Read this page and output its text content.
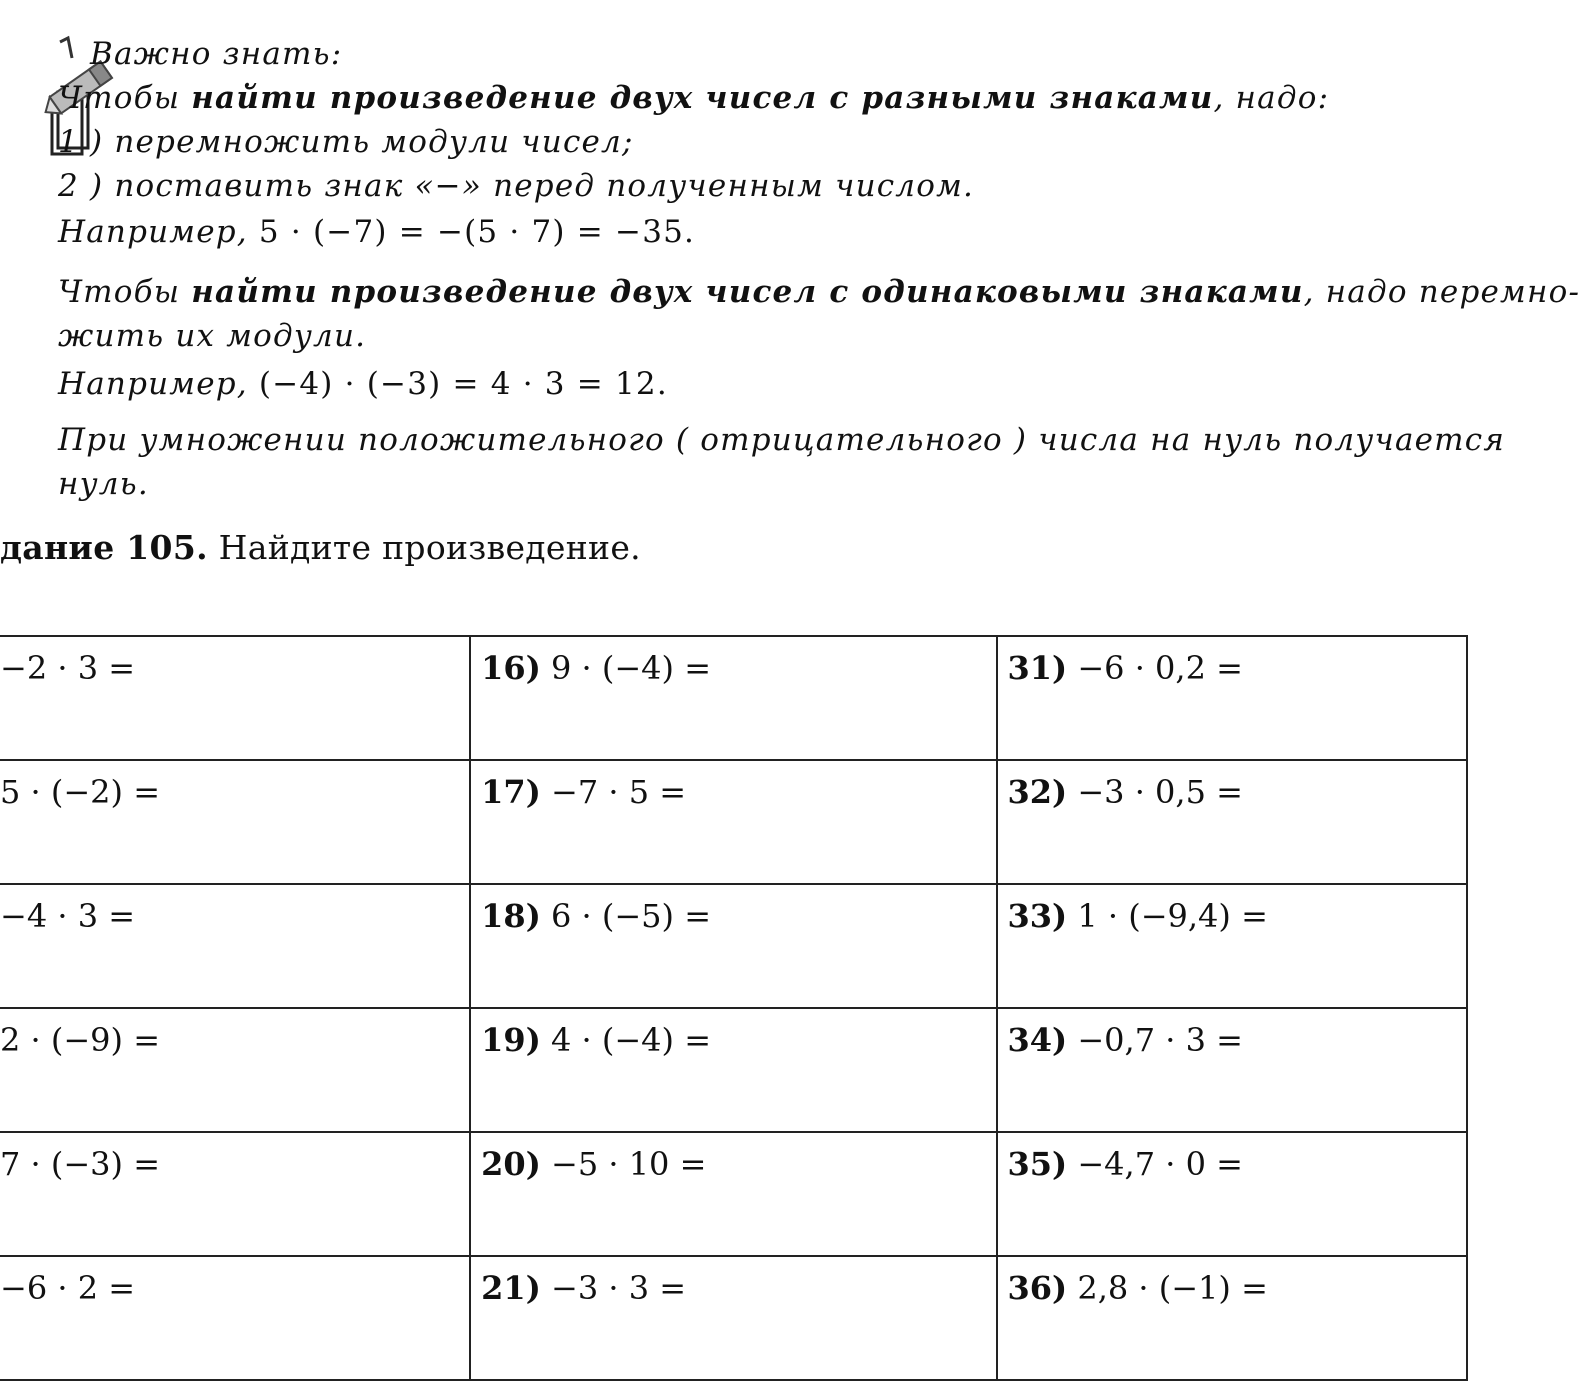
Важно знать:
Чтобы найти произведение двух чисел с разными знаками, надо:
1 ) перемножить модули чисел;
2 ) поставить знак «−» перед полученным числом.
Например, 5 · (−7) = −(5 · 7) = −35.
Чтобы найти произведение двух чисел с одинаковыми знаками, надо перемно-
жить их модули.
Например, (−4) · (−3) = 4 · 3 = 12.
При умножении положительного ( отрицательного ) числа на нуль получается
нуль.
дание 105. Найдите произведение.
−2 · 3 =	16) 9 · (−4) =	31) −6 · 0,2 =
5 · (−2) =	17) −7 · 5 =	32) −3 · 0,5 =
−4 · 3 =	18) 6 · (−5) =	33) 1 · (−9,4) =
2 · (−9) =	19) 4 · (−4) =	34) −0,7 · 3 =
7 · (−3) =	20) −5 · 10 =	35) −4,7 · 0 =
−6 · 2 =	21) −3 · 3 =	36) 2,8 · (−1) =
